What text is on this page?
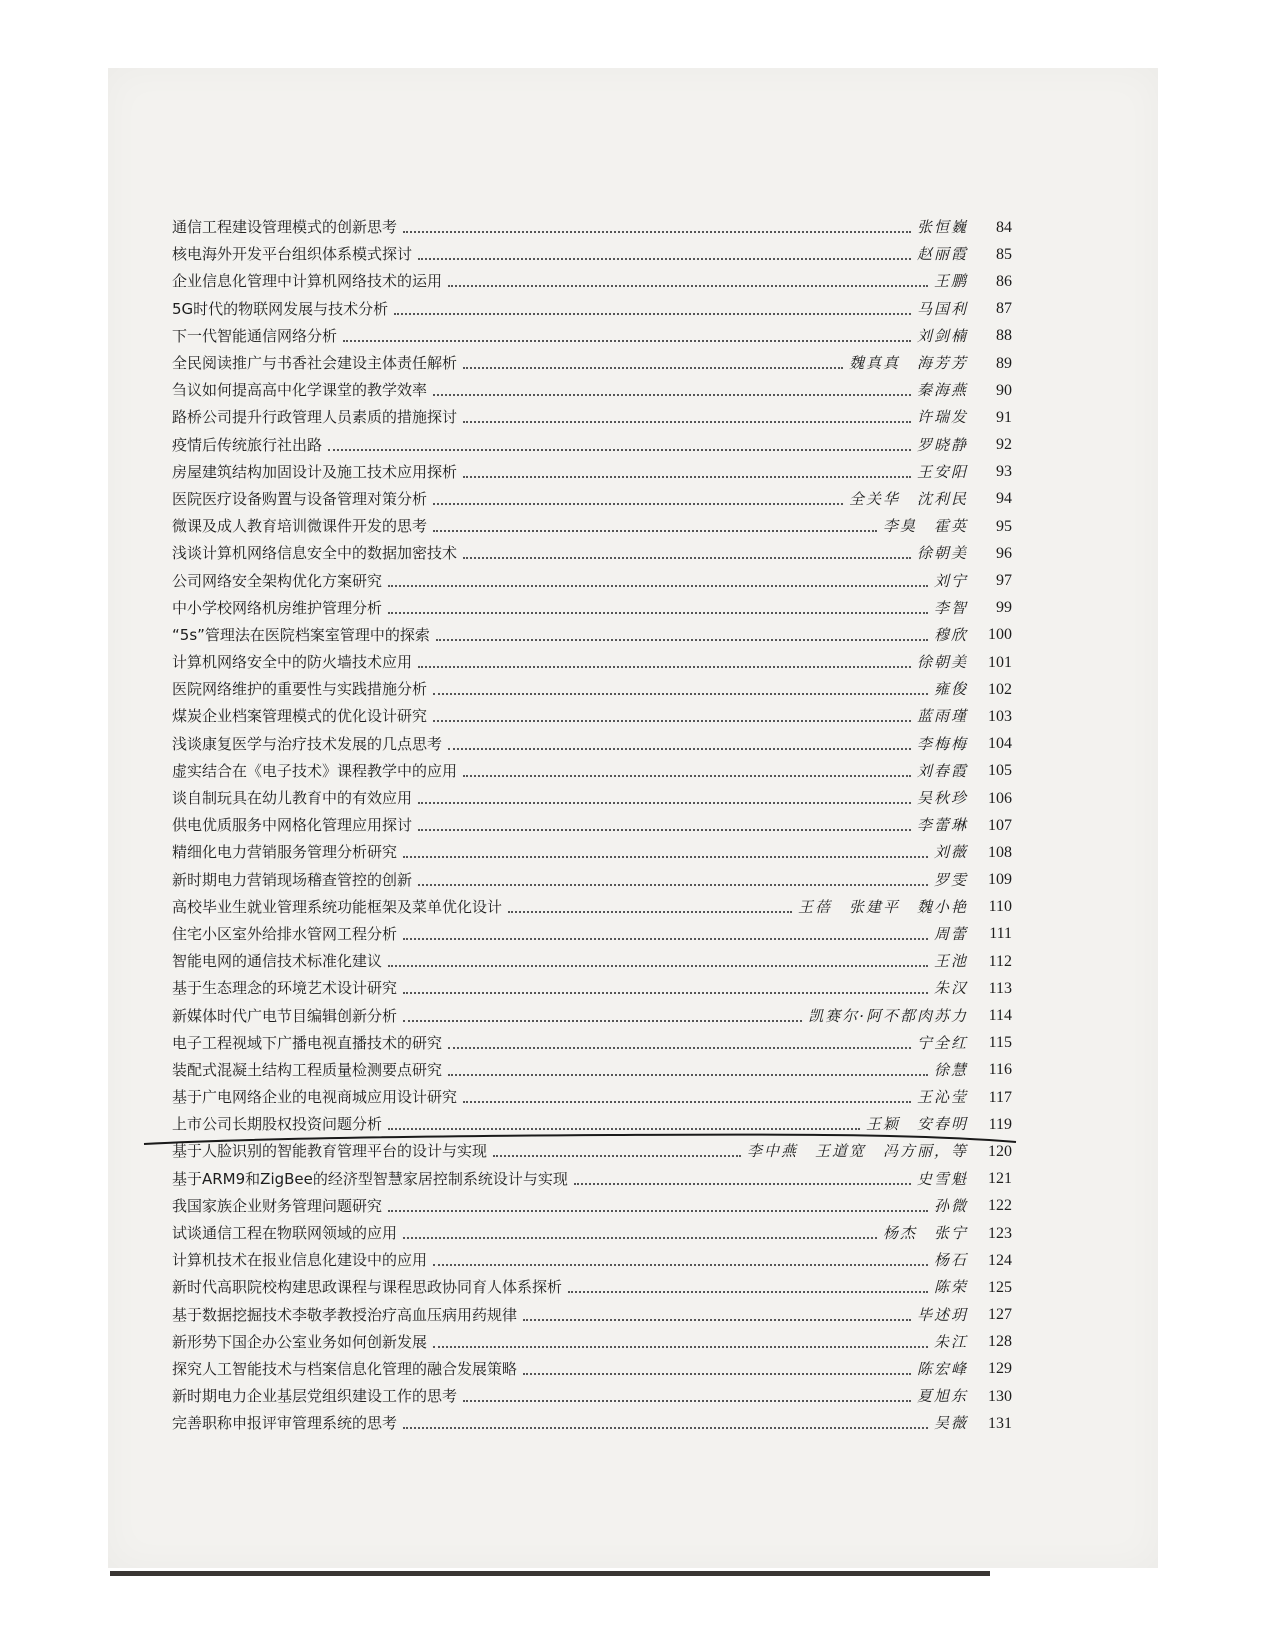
通信工程建设管理模式的创新思考	张恒巍	84
核电海外开发平台组织体系模式探讨	赵丽霞	85
企业信息化管理中计算机网络技术的运用	王鹏	86
5G时代的物联网发展与技术分析	马国利	87
下一代智能通信网络分析	刘剑楠	88
全民阅读推广与书香社会建设主体责任解析	魏真真　海芳芳	89
刍议如何提高高中化学课堂的教学效率	秦海燕	90
路桥公司提升行政管理人员素质的措施探讨	许瑞发	91
疫情后传统旅行社出路	罗晓静	92
房屋建筑结构加固设计及施工技术应用探析	王安阳	93
医院医疗设备购置与设备管理对策分析	全关华　沈利民	94
微课及成人教育培训微课件开发的思考	李臭　霍英	95
浅谈计算机网络信息安全中的数据加密技术	徐朝美	96
公司网络安全架构优化方案研究	刘宁	97
中小学校网络机房维护管理分析	李智	99
“5s”管理法在医院档案室管理中的探索	穆欣	100
计算机网络安全中的防火墙技术应用	徐朝美	101
医院网络维护的重要性与实践措施分析	雍俊	102
煤炭企业档案管理模式的优化设计研究	蓝雨瑾	103
浅谈康复医学与治疗技术发展的几点思考	李梅梅	104
虚实结合在《电子技术》课程教学中的应用	刘春霞	105
谈自制玩具在幼儿教育中的有效应用	吴秋珍	106
供电优质服务中网格化管理应用探讨	李蕾琳	107
精细化电力营销服务管理分析研究	刘薇	108
新时期电力营销现场稽查管控的创新	罗雯	109
高校毕业生就业管理系统功能框架及菜单优化设计	王蓓　张建平　魏小艳	110
住宅小区室外给排水管网工程分析	周蕾	111
智能电网的通信技术标准化建议	王池	112
基于生态理念的环境艺术设计研究	朱汉	113
新媒体时代广电节目编辑创新分析	凯赛尔·阿不都肉苏力	114
电子工程视域下广播电视直播技术的研究	宁全红	115
装配式混凝土结构工程质量检测要点研究	徐慧	116
基于广电网络企业的电视商城应用设计研究	王沁莹	117
上市公司长期股权投资问题分析	王颖　安春明	119
基于人脸识别的智能教育管理平台的设计与实现	李中燕　王道宽　冯方丽，等	120
基于ARM9和ZigBee的经济型智慧家居控制系统设计与实现	史雪魁	121
我国家族企业财务管理问题研究	孙微	122
试谈通信工程在物联网领域的应用	杨杰　张宁	123
计算机技术在报业信息化建设中的应用	杨石	124
新时代高职院校构建思政课程与课程思政协同育人体系探析	陈荣	125
基于数据挖掘技术李敬孝教授治疗高血压病用药规律	毕述玥	127
新形势下国企办公室业务如何创新发展	朱江	128
探究人工智能技术与档案信息化管理的融合发展策略	陈宏峰	129
新时期电力企业基层党组织建设工作的思考	夏旭东	130
完善职称申报评审管理系统的思考	吴薇	131
